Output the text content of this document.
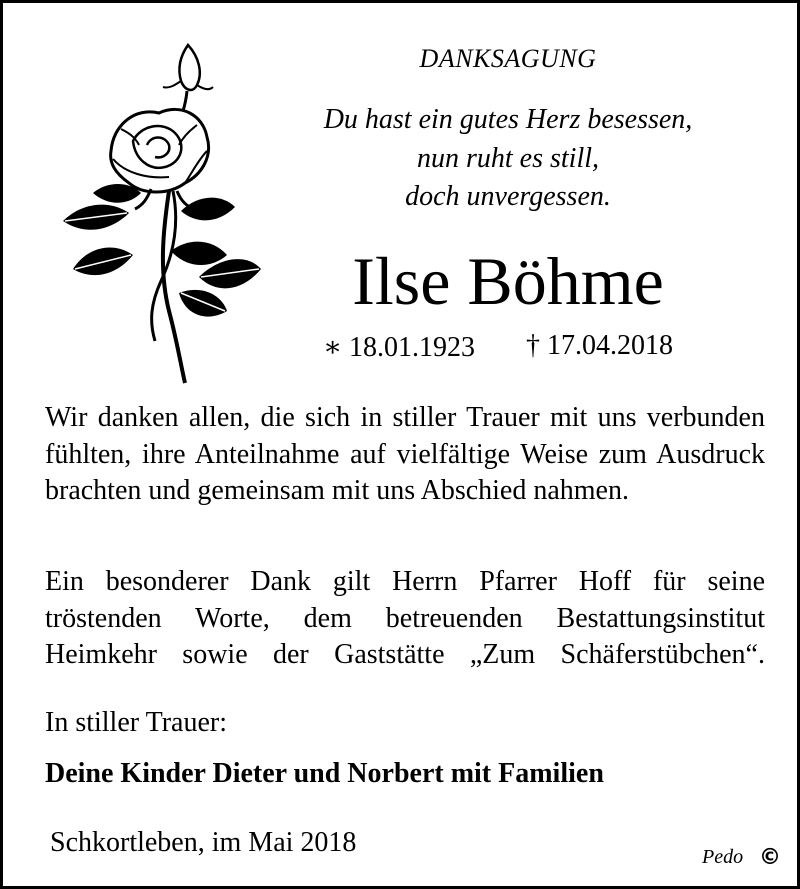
DANKSAGUNG
Du hast ein gutes Herz besessen,
nun ruht es still,
doch unvergessen.
Ilse Böhme
∗ 18.01.1923 † 17.04.2018
Wir danken allen, die sich in stiller Trauer mit uns verbunden fühlten, ihre Anteilnahme auf vielfältige Weise zum Ausdruck brachten und gemeinsam mit uns Abschied nahmen.
Ein besonderer Dank gilt Herrn Pfarrer Hoff für seine tröstenden Worte, dem betreuenden Bestattungsinstitut Heimkehr sowie der Gaststätte „Zum Schäferstübchen“.
In stiller Trauer:
Deine Kinder Dieter und Norbert mit Familien
Schkortleben, im Mai 2018	Pedo ©
